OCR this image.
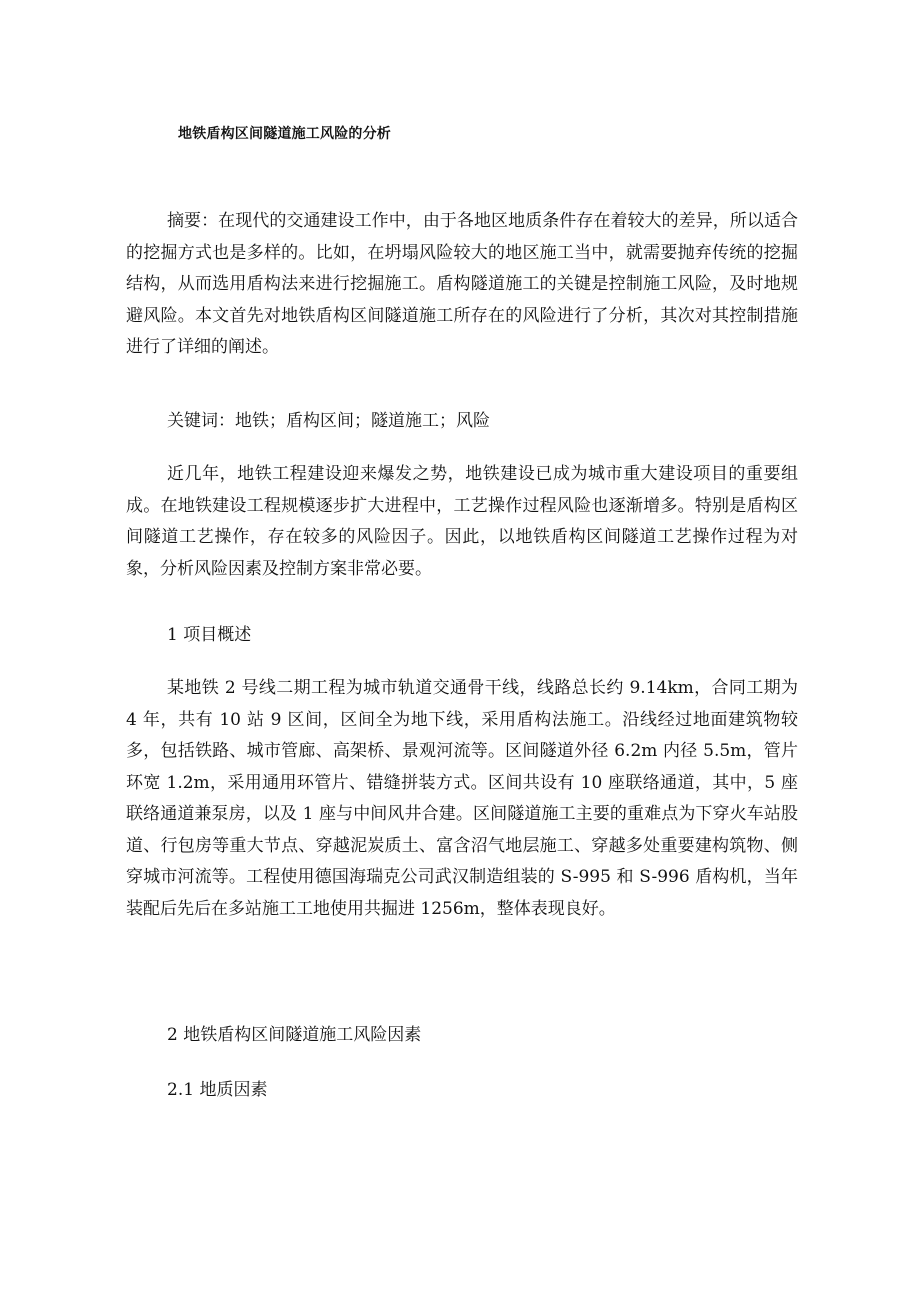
地铁盾构区间隧道施工风险的分析

摘要：在现代的交通建设工作中，由于各地区地质条件存在着较大的差异，所以适合的挖掘方式也是多样的。比如，在坍塌风险较大的地区施工当中，就需要抛弃传统的挖掘结构，从而选用盾构法来进行挖掘施工。盾构隧道施工的关键是控制施工风险，及时地规避风险。本文首先对地铁盾构区间隧道施工所存在的风险进行了分析，其次对其控制措施进行了详细的阐述。

关键词：地铁；盾构区间；隧道施工；风险

近几年，地铁工程建设迎来爆发之势，地铁建设已成为城市重大建设项目的重要组成。在地铁建设工程规模逐步扩大进程中，工艺操作过程风险也逐渐增多。特别是盾构区间隧道工艺操作，存在较多的风险因子。因此，以地铁盾构区间隧道工艺操作过程为对象，分析风险因素及控制方案非常必要。

1 项目概述

某地铁 2 号线二期工程为城市轨道交通骨干线，线路总长约 9.14km，合同工期为 4 年，共有 10 站 9 区间，区间全为地下线，采用盾构法施工。沿线经过地面建筑物较多，包括铁路、城市管廊、高架桥、景观河流等。区间隧道外径 6.2m 内径 5.5m，管片环宽 1.2m，采用通用环管片、错缝拼装方式。区间共设有 10 座联络通道，其中，5 座联络通道兼泵房，以及 1 座与中间风井合建。区间隧道施工主要的重难点为下穿火车站股道、行包房等重大节点、穿越泥炭质土、富含沼气地层施工、穿越多处重要建构筑物、侧穿城市河流等。工程使用德国海瑞克公司武汉制造组装的 S-995 和 S-996 盾构机，当年装配后先后在多站施工工地使用共掘进 1256m，整体表现良好。

2 地铁盾构区间隧道施工风险因素

2.1 地质因素
